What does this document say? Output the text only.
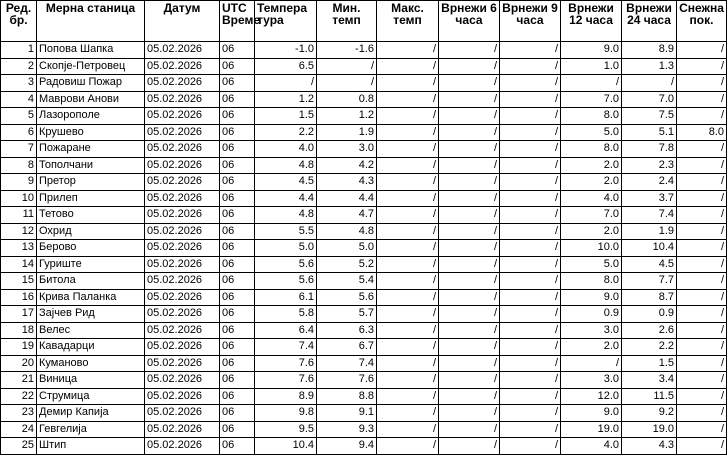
Ред. бр.	Мерна станица	Датум	UTC Време	Темпера тура	Мин. темп	Макс. темп	Врнежи 6 часа	Врнежи 9 часа	Врнежи 12 часа	Врнежи 24 часа	Снежна пок.
1	Попова Шапка	05.02.2026	06	-1.0	-1.6	/	/	/	9.0	8.9	/
2	Скопје-Петровец	05.02.2026	06	6.5	/	/	/	/	1.0	1.3	/
3	Радовиш Пожар	05.02.2026	06	/	/	/	/	/	/	/	/
4	Маврови Анови	05.02.2026	06	1.2	0.8	/	/	/	7.0	7.0	/
5	Лазорополе	05.02.2026	06	1.5	1.2	/	/	/	8.0	7.5	/
6	Крушево	05.02.2026	06	2.2	1.9	/	/	/	5.0	5.1	8.0
7	Пожаране	05.02.2026	06	4.0	3.0	/	/	/	8.0	7.8	/
8	Тополчани	05.02.2026	06	4.8	4.2	/	/	/	2.0	2.3	/
9	Претор	05.02.2026	06	4.5	4.3	/	/	/	2.0	2.4	/
10	Прилеп	05.02.2026	06	4.4	4.4	/	/	/	4.0	3.7	/
11	Тетово	05.02.2026	06	4.8	4.7	/	/	/	7.0	7.4	/
12	Охрид	05.02.2026	06	5.5	4.8	/	/	/	2.0	1.9	/
13	Берово	05.02.2026	06	5.0	5.0	/	/	/	10.0	10.4	/
14	Гуриште	05.02.2026	06	5.6	5.2	/	/	/	5.0	4.5	/
15	Битола	05.02.2026	06	5.6	5.4	/	/	/	8.0	7.7	/
16	Крива Паланка	05.02.2026	06	6.1	5.6	/	/	/	9.0	8.7	/
17	Зајчев Рид	05.02.2026	06	5.8	5.7	/	/	/	0.9	0.9	/
18	Велес	05.02.2026	06	6.4	6.3	/	/	/	3.0	2.6	/
19	Кавадарци	05.02.2026	06	7.4	6.7	/	/	/	2.0	2.2	/
20	Куманово	05.02.2026	06	7.6	7.4	/	/	/	/	1.5	/
21	Виница	05.02.2026	06	7.6	7.6	/	/	/	3.0	3.4	/
22	Струмица	05.02.2026	06	8.9	8.8	/	/	/	12.0	11.5	/
23	Демир Капија	05.02.2026	06	9.8	9.1	/	/	/	9.0	9.2	/
24	Гевгелија	05.02.2026	06	9.5	9.3	/	/	/	19.0	19.0	/
25	Штип	05.02.2026	06	10.4	9.4	/	/	/	4.0	4.3	/
